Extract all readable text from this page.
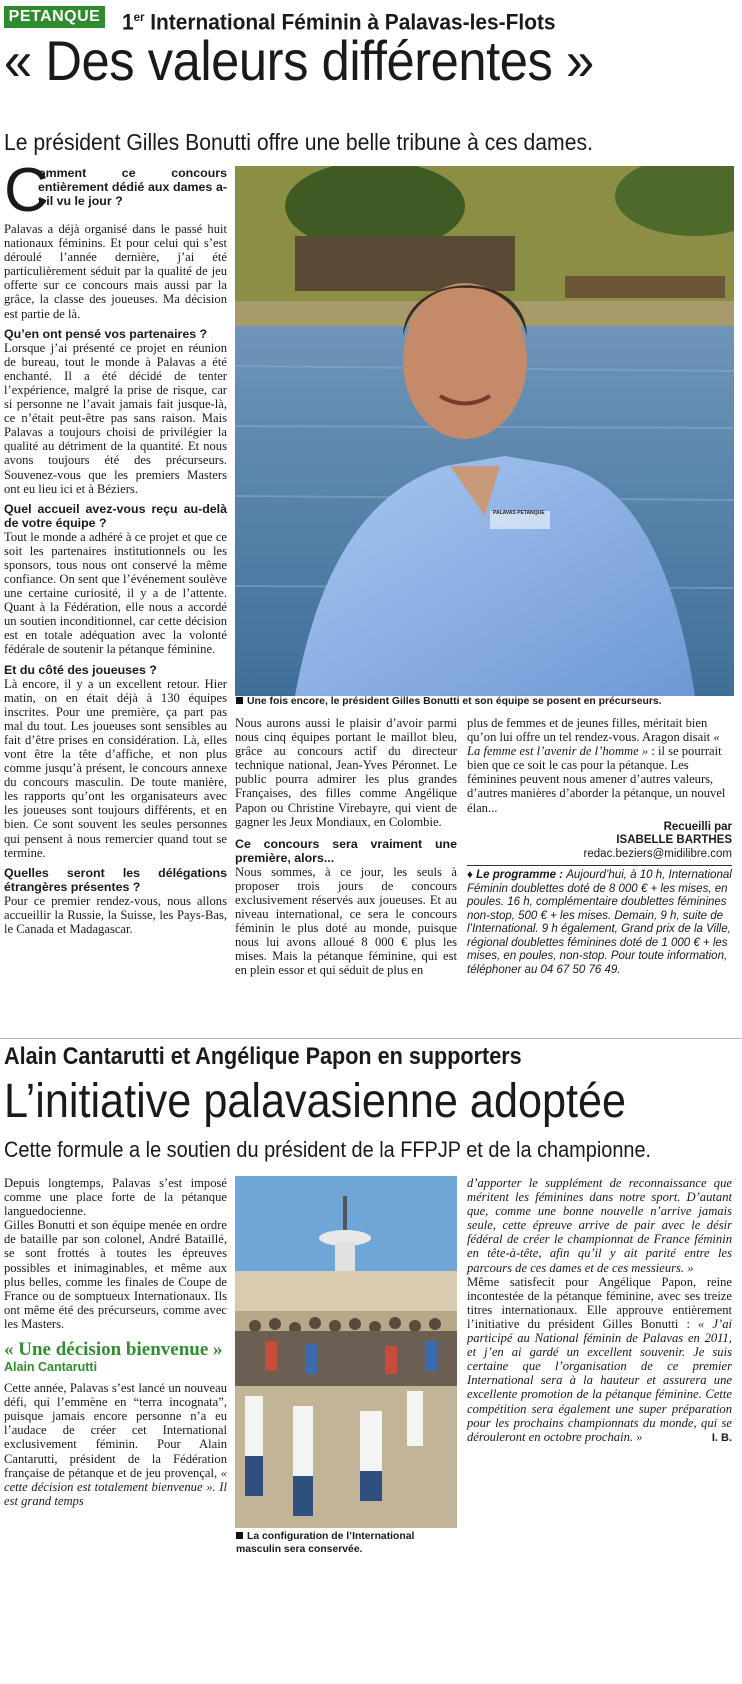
PETANQUE 1er International Féminin à Palavas-les-Flots
« Des valeurs différentes »
Le président Gilles Bonutti offre une belle tribune à ces dames.
C
omment ce concours entièrement dédié aux dames a-t-il vu le jour ?

Palavas a déjà organisé dans le passé huit nationaux féminins. Et pour celui qui s’est déroulé l’année dernière, j’ai été particulièrement séduit par la qualité de jeu offerte sur ce concours mais aussi par la grâce, la classe des joueuses. Ma décision est partie de là.

Qu’en ont pensé vos partenaires ?

Lorsque j’ai présenté ce projet en réunion de bureau, tout le monde à Palavas a été enchanté. Il a été décidé de tenter l’expérience, malgré la prise de risque, car si personne ne l’avait jamais fait jusque-là, ce n’était peut-être pas sans raison. Mais Palavas a toujours choisi de privilégier la qualité au détriment de la quantité. Et nous avons toujours été des précurseurs. Souvenez-vous que les premiers Masters ont eu lieu ici et à Béziers.

Quel accueil avez-vous reçu au-delà de votre équipe ?

Tout le monde a adhéré à ce projet et que ce soit les partenaires institutionnels ou les sponsors, tous nous ont conservé la même confiance. On sent que l’événement soulève une certaine curiosité, il y a de l’attente. Quant à la Fédération, elle nous a accordé un soutien inconditionnel, car cette décision est en totale adéquation avec la volonté fédérale de soutenir la pétanque féminine.

Et du côté des joueuses ?

Là encore, il y a un excellent retour. Hier matin, on en était déjà à 130 équipes inscrites. Pour une première, ça part pas mal du tout. Les joueuses sont sensibles au fait d’être prises en considération. Là, elles vont être la tête d’affiche, et non plus comme jusqu’à présent, le concours annexe du concours masculin. De toute manière, les rapports qu’ont les organisateurs avec les joueuses sont toujours différents, et en bien. Ce sont souvent les seules personnes qui pensent à nous remercier quand tout se termine.

Quelles seront les délégations étrangères présentes ?

Pour ce premier rendez-vous, nous allons accueillir la Russie, la Suisse, les Pays-Bas, le Canada et Madagascar.

PALAVAS PETANQUE
Une fois encore, le président Gilles Bonutti et son équipe se posent en précurseurs.

Nous aurons aussi le plaisir d’avoir parmi nous cinq équipes portant le maillot bleu, grâce au concours actif du directeur technique national, Jean-Yves Péronnet. Le public pourra admirer les plus grandes Françaises, des filles comme Angélique Papon ou Christine Virebayre, qui vient de gagner les Jeux Mondiaux, en Colombie.

Ce concours sera vraiment une première, alors...

Nous sommes, à ce jour, les seuls à proposer trois jours de concours exclusivement réservés aux joueuses. Et au niveau international, ce sera le concours féminin le plus doté au monde, puisque nous lui avons alloué 8 000 € plus les mises. Mais la pétanque féminine, qui est en plein essor et qui séduit de plus en

plus de femmes et de jeunes filles, méritait bien qu’on lui offre un tel rendez-vous. Aragon disait « La femme est l’avenir de l’homme » : il se pourrait bien que ce soit le cas pour la pétanque. Les féminines peuvent nous amener d’autres valeurs, d’autres manières d’aborder la pétanque, un nouvel élan...

Recueilli par
ISABELLE BARTHES
redac.beziers@midilibre.com
♦ Le programme : Aujourd’hui, à 10 h, International Féminin doublettes doté de 8 000 € + les mises, en poules. 16 h, complémentaire doublettes féminines non-stop, 500 € + les mises. Demain, 9 h, suite de l’International. 9 h également, Grand prix de la Ville, régional doublettes féminines doté de 1 000 € + les mises, en poules, non-stop. Pour toute information, téléphoner au 04 67 50 76 49.
Alain Cantarutti et Angélique Papon en supporters
L’initiative palavasienne adoptée
Cette formule a le soutien du président de la FFPJP et de la championne.

Depuis longtemps, Palavas s’est imposé comme une place forte de la pétanque languedocienne.

Gilles Bonutti et son équipe menée en ordre de bataille par son colonel, André Bataillé, se sont frottés à toutes les épreuves possibles et inimaginables, et même aux plus belles, comme les finales de Coupe de France ou de somptueux Internationaux. Ils ont même été des précurseurs, comme avec les Masters.

« Une décision bienvenue »
Alain Cantarutti

Cette année, Palavas s’est lancé un nouveau défi, qui l’emmène en “terra incognata”, puisque jamais encore personne n’a eu l’audace de créer cet International exclusivement féminin. Pour Alain Cantarutti, président de la Fédération française de pétanque et de jeu provençal, « cette décision est totalement bienvenue ». Il est grand temps

La configuration de l’International masculin sera conservée.

d’apporter le supplément de reconnaissance que méritent les féminines dans notre sport. D’autant que, comme une bonne nouvelle n’arrive jamais seule, cette épreuve arrive de pair avec le désir fédéral de créer le championnat de France féminin en tête-à-tête, afin qu’il y ait parité entre les parcours de ces dames et de ces messieurs. »

Même satisfecit pour Angélique Papon, reine incontestée de la pétanque féminine, avec ses treize titres internationaux. Elle approuve entièrement l’initiative du président Gilles Bonutti : « J’ai participé au National féminin de Palavas en 2011, et j’en ai gardé un excellent souvenir. Je suis certaine que l’organisation de ce premier International sera à la hauteur et assurera une excellente promotion de la pétanque féminine. Cette compétition sera également une super préparation pour les prochains championnats du monde, qui se dérouleront en octobre prochain. »	I. B.
